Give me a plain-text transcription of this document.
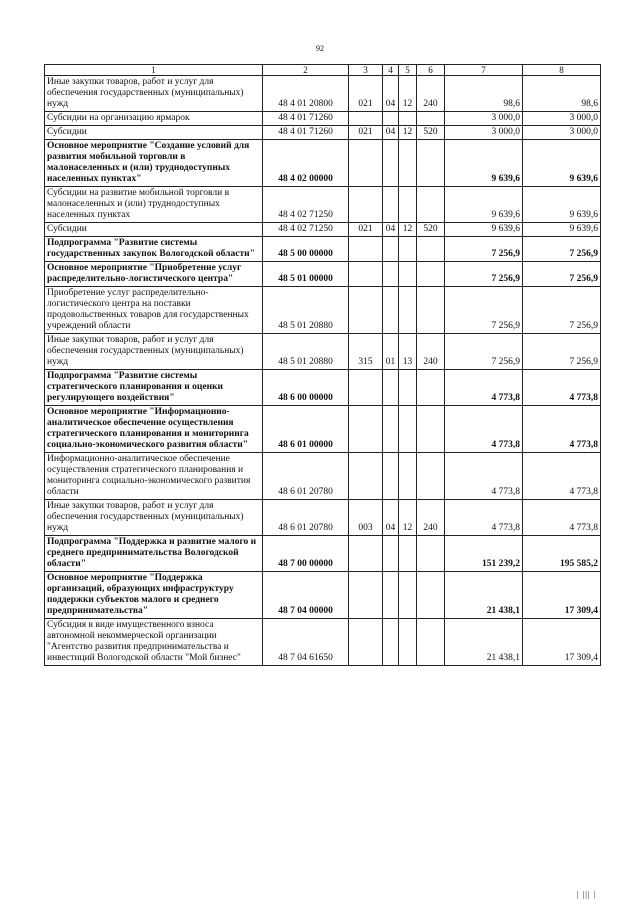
92
1	2	3	4	5	6	7	8
Иные закупки товаров, работ и услуг для обеспечения государственных (муниципальных) нужд	48 4 01 20800	021	04	12	240	98,6	98,6
Субсидии на организацию ярмарок	48 4 01 71260					3 000,0	3 000,0
Субсидии	48 4 01 71260	021	04	12	520	3 000,0	3 000,0
Основное мероприятие "Создание условий для развития мобильной торговли в малонаселенных и (или) труднодоступных населенных пунктах"	48 4 02 00000					9 639,6	9 639,6
Субсидии на развитие мобильной торговли в малонаселенных и (или) труднодоступных населенных пунктах	48 4 02 71250					9 639,6	9 639,6
Субсидии	48 4 02 71250	021	04	12	520	9 639,6	9 639,6
Подпрограмма "Развитие системы государственных закупок Вологодской области"	48 5 00 00000					7 256,9	7 256,9
Основное мероприятие "Приобретение услуг распределительно-логистического центра"	48 5 01 00000					7 256,9	7 256,9
Приобретение услуг распределительно-логистического центра на поставки продовольственных товаров для государственных учреждений области	48 5 01 20880					7 256,9	7 256,9
Иные закупки товаров, работ и услуг для обеспечения государственных (муниципальных) нужд	48 5 01 20880	315	01	13	240	7 256,9	7 256,9
Подпрограмма "Развитие системы стратегического планирования и оценки регулирующего воздействия"	48 6 00 00000					4 773,8	4 773,8
Основное мероприятие "Информационно-аналитическое обеспечение осуществления стратегического планирования и мониторинга социально-экономического развития области"	48 6 01 00000					4 773,8	4 773,8
Информационно-аналитическое обеспечение осуществления стратегического планирования и мониторинга социально-экономического развития области	48 6 01 20780					4 773,8	4 773,8
Иные закупки товаров, работ и услуг для обеспечения государственных (муниципальных) нужд	48 6 01 20780	003	04	12	240	4 773,8	4 773,8
Подпрограмма "Поддержка и развитие малого и среднего предпринимательства Вологодской области"	48 7 00 00000					151 239,2	195 585,2
Основное мероприятие "Поддержка организаций, образующих инфраструктуру поддержки субъектов малого и среднего предпринимательства"	48 7 04 00000					21 438,1	17 309,4
Субсидия в виде имущественного взноса автономной некоммерческой организации "Агентство развития предпринимательства и инвестиций Вологодской области "Мой бизнес"	48 7 04 61650					21 438,1	17 309,4
| ||| |
